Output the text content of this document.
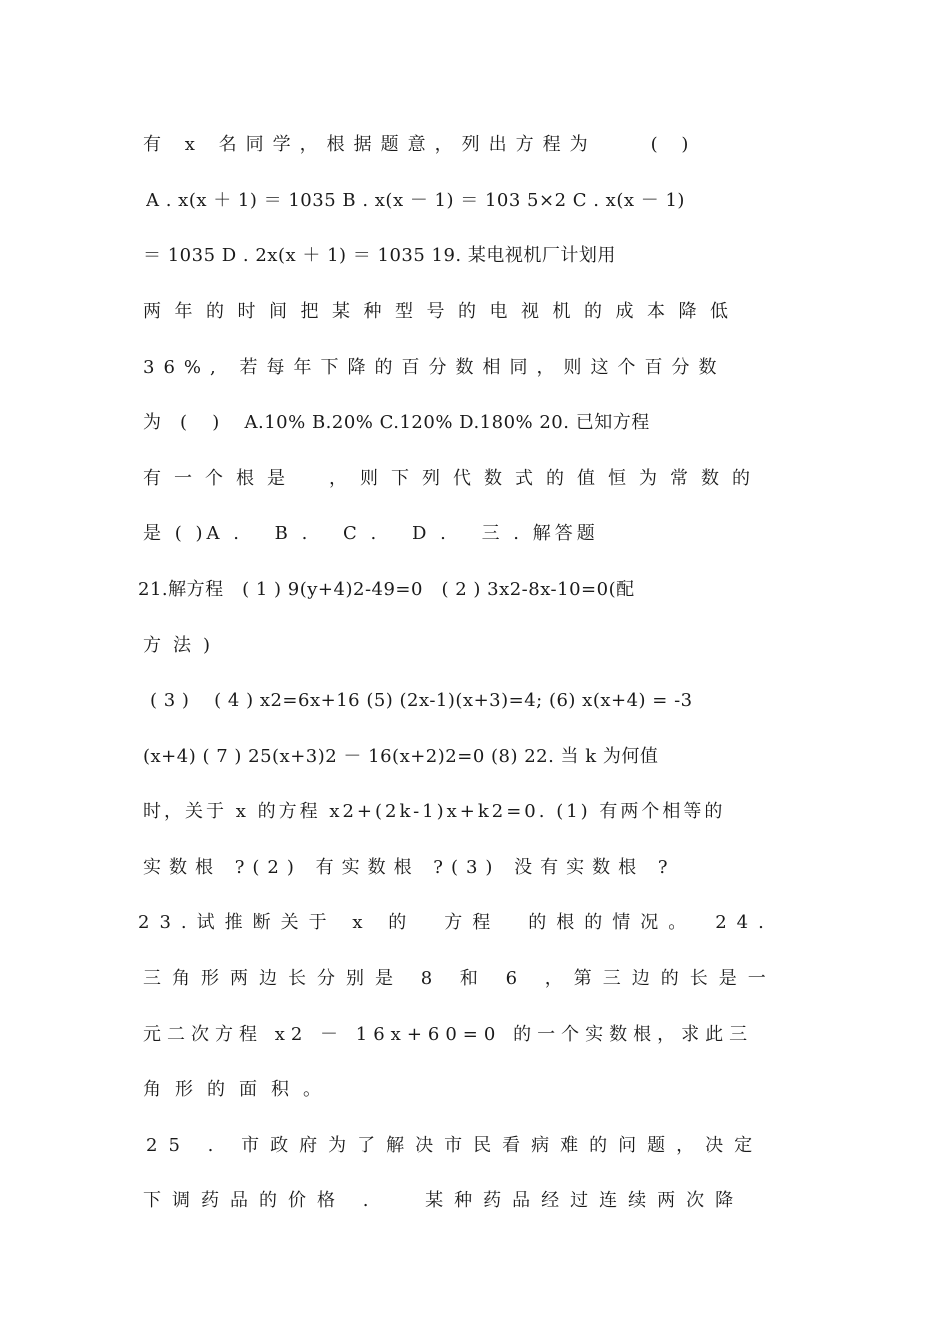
有 x 名同学，根据题意，列出方程为　　( )
A . x(x ＋ 1) ＝ 1035 B . x(x － 1) ＝ 103 5×2 C . x(x － 1)
＝ 1035 D . 2x(x ＋ 1) ＝ 1035 19. 某电视机厂计划用
两年的时间把某种型号的电视机的成本降低
36%, 若每年下降的百分数相同，则这个百分数
为　( 　) 　A.10% B.20% C.120% D.180% 20. 已知方程
有一个根是　，则下列代数式的值恒为常数的
是 ( )A . 　B . 　C . 　D . 　三 . 解答题
21.解方程　( 1 ) 9(y+4)2-49=0　( 2 ) 3x2-8x-10=0(配
方法)
( 3 ) 　( 4 ) x2=6x+16 (5) (2x-1)(x+3)=4; (6) x(x+4) = -3
(x+4) ( 7 ) 25(x+3)2 － 16(x+2)2=0 (8) 22. 当 k 为何值
时，关于 x 的方程 x2+(2k-1)x+k2=0. (1) 有两个相等的
实数根 ?(2) 有实数根 ?(3) 没有实数根 ?
23.试推断关于 x 的　方程　的根的情况。　24.
三角形两边长分别是 8 和 6 ，第三边的长是一
元二次方程 x2 － 16x+60=0 的一个实数根，求此三
角形的面积。
25 . 市政府为了解决市民看病难的问题，决定
下调药品的价格 . 　某种药品经过连续两次降
